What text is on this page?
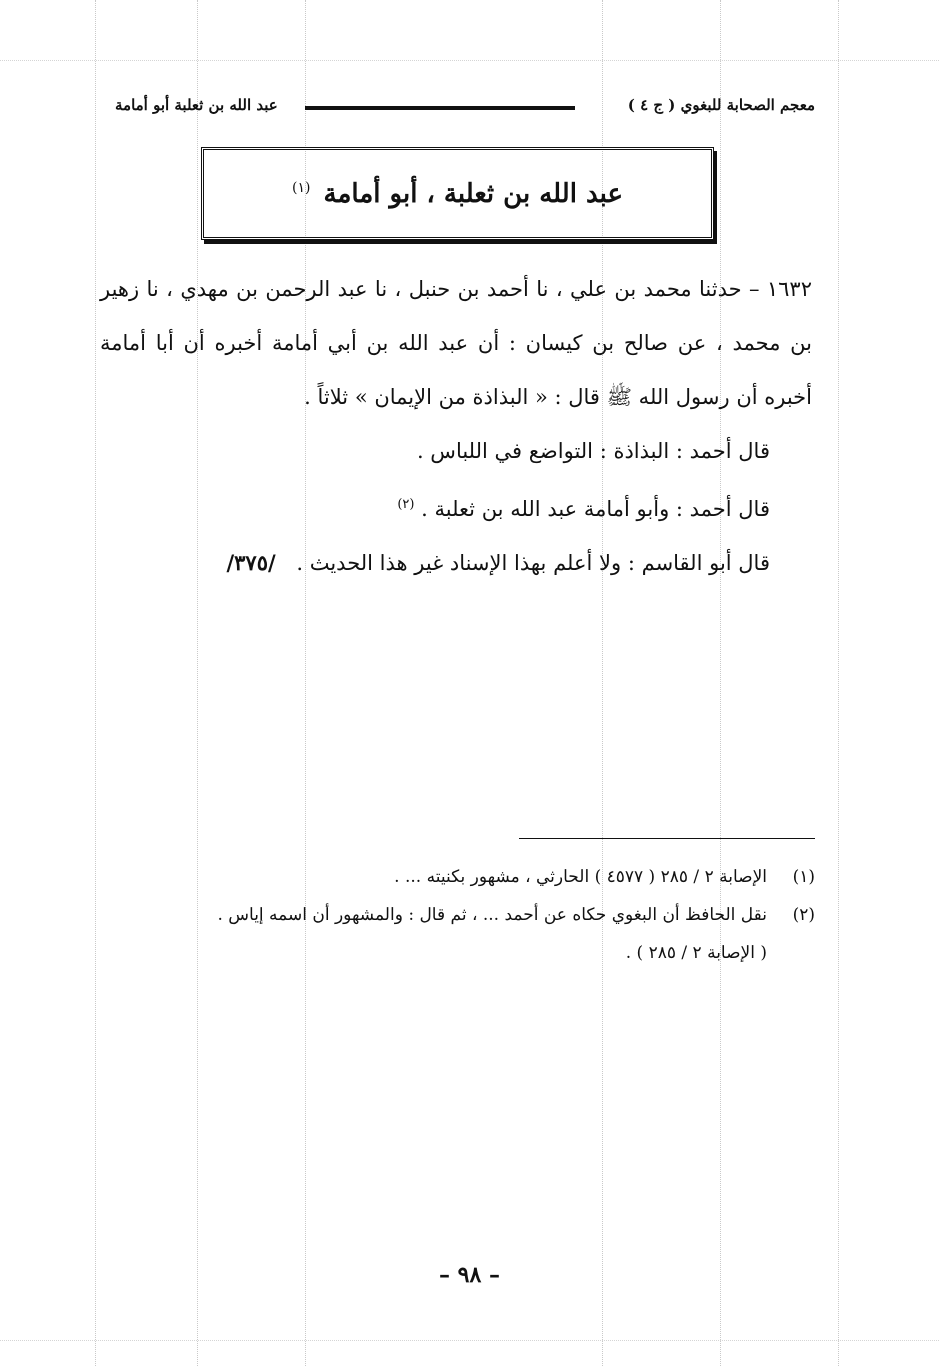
معجم الصحابة للبغوي ( ج ٤ )
عبد الله بن ثعلبة أبو أمامة
عبد الله بن ثعلبة ، أبو أمامة $^{(١)}$

١٦٣٢ – حدثنا محمد بن علي ، نا أحمد بن حنبل ، نا عبد الرحمن بن مهدي ، نا زهير بن محمد ، عن صالح بن كيسان : أن عبد الله بن أبي أمامة أخبره أن أبا أمامة أخبره أن رسول الله ﷺ قال : « البذاذة من الإيمان » ثلاثاً .

قال أحمد : البذاذة : التواضع في اللباس .

قال أحمد : وأبو أمامة عبد الله بن ثعلبة . $^{(٢)}$

قال أبو القاسم : ولا أعلم بهذا الإسناد غير هذا الحديث . /٣٧٥/

(١)
الإصابة ٢ / ٢٨٥ ( ٤٥٧٧ ) الحارثي ، مشهور بكنيته ... .
(٢)
نقل الحافظ أن البغوي حكاه عن أحمد ... ، ثم قال : والمشهور أن اسمه إياس .
( الإصابة ٢ / ٢٨٥ ) .
– ٩٨ –
